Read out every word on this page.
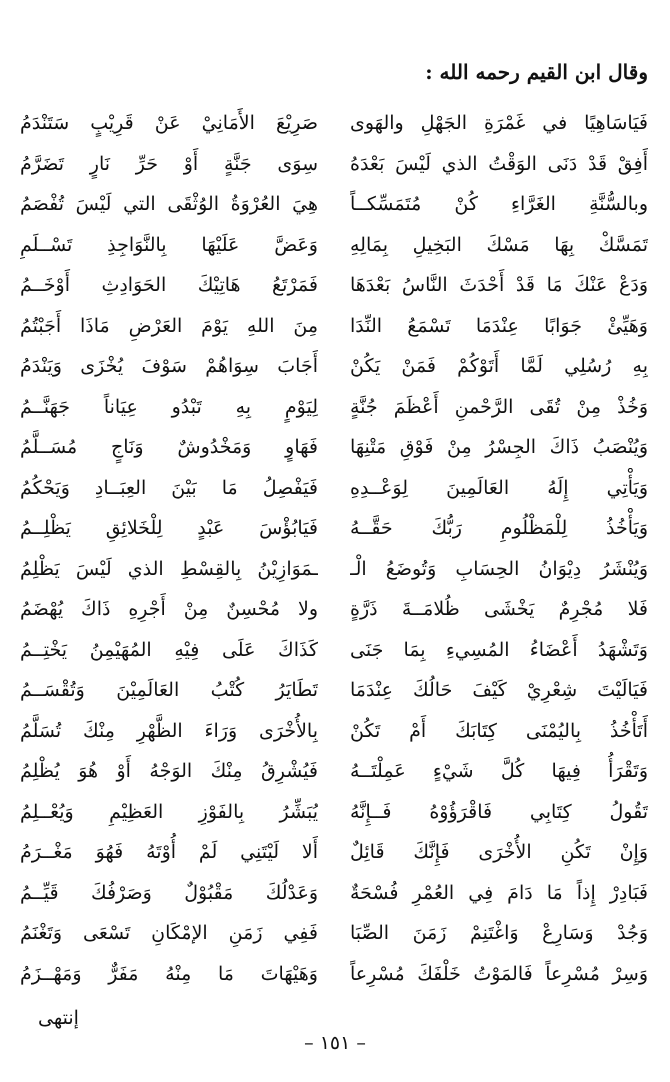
وقال ابن القيم رحمه الله :
فَيَاسَاهِيًا في غَمْرَةِ الجَهْلِ والهَوى
أَفِقْ قَدْ دَنَى الوَقْتُ الذي لَيْسَ بَعْدَهُ
وبالسُّنَّةِ الغَرَّاءِ كُنْ مُتَمَسِّكــاً
تَمَسَّكْ بِهَا مَسْكَ البَخِيلِ بِمَالِهِ
وَدَعْ عَنْكَ مَا قَدْ أَحْدَثَ النَّاسُ بَعْدَهَا
وَهَيِّئْ جَوَابًا عِنْدَمَا تَسْمَعُ النِّدَا
بِهِ رُسُلِي لَمَّا أَتَوْكُمْ فَمَنْ يَكُنْ
وَخُذْ مِنْ تُقَى الرَّحْمنِ أَعْظَمَ جُنَّةٍ
وَيُنْصَبُ ذَاكَ الجِسْرُ مِنْ فَوْقِ مَتْنِهَا
وَيَأْتِي إِلَهُ العَالَمِينَ لِوَعْــدِهِ
وَيَأْخُذُ لِلْمَظْلُومِ رَبُّكَ حَقَّــهُ
وَيُنْشَرُ دِيْوَانُ الحِسَابِ وَتُوضَعُ الْـ
فَلا مُجْرِمٌ يَخْشَى ظُلامَــةَ ذَرَّةٍ
وَتَشْهَدُ أَعْضَاءُ المُسِيءِ بِمَا جَنَى
فَيَالَيْتَ شِعْرِيْ كَيْفَ حَالُكَ عِنْدَمَا
أَتَأْخُذُ بِاليُمْنَى كِتَابَكَ أَمْ تَكُنْ
وَتَقْرَأُ فِيهَا كُلَّ شَيْءٍ عَمِلْتَــهُ
تَقُولُ كِتَابِي فَاقْرَؤُوْهُ فَــإِنَّهُ
وَإِنْ تَكُنِ الأُخْرَى فَإِنَّكَ قَائِلٌ
فَبَادِرْ إِذاً مَا دَامَ فِي العُمْرِ فُسْحَةٌ
وَجُدْ وَسَارِعْ وَاغْتَنِمْ زَمَنَ الصِّبَا
وَسِرْ مُسْرِعاً فَالمَوْتُ خَلْفَكَ مُسْرِعاً
صَرِيْعَ الأَمَانِيْ عَنْ قَرِيْبٍ سَتَنْدَمُ
سِوَى جَنَّةٍ أَوْ حَرِّ نَارٍ تَضَرَّمُ
هِيَ العُرْوَةُ الوُثْقَى التي لَيْسَ تُفْصَمُ
وَعَضَّ عَلَيْهَا بِالنَّوَاجِذِ تَسْــلَمِ
فَمَرْتَعُ هَاتِيْكَ الحَوَادِثِ أَوْخَــمُ
مِنَ اللهِ يَوْمَ العَرْضِ مَاذَا أَجَبْتُمُ
أَجَابَ سِوَاهُمْ سَوْفَ يُخْزَى وَيَنْدَمُ
لِيَوْمٍ بِهِ تَبْدُو عِيَاناً جَهَنَّــمُ
فَهَاوٍ وَمَخْدُوشٌ وَنَاجٍ مُسَــلَّمُ
فَيَفْصِلُ مَا بَيْنَ العِبَــادِ وَيَحْكُمُ
فَيَابُؤْسَ عَبْدٍ لِلْخَلائِقِ يَظْلِــمُ
ـمَوَازِيْنُ بِالقِسْطِ الذي لَيْسَ يَظْلِمُ
ولا مُحْسِنٌ مِنْ أَجْرِهِ ذَاكَ يُهْضَمُ
كَذَاكَ عَلَى فِيْهِ المُهَيْمِنُ يَخْتِــمُ
تَطَايَرُ كُتْبُ العَالَمِيْنَ وَتُقْسَــمُ
بِالأُخْرَى وَرَاءَ الظَّهْرِ مِنْكَ تُسَلَّمُ
فَيُشْرِقُ مِنْكَ الوَجْهُ أَوْ هُوَ يُظْلِمُ
يُبَشِّرُ بِالفَوْزِ العَظِيْمِ وَيُعْــلِمُ
أَلا لَيْتَنِي لَمْ أُوْتَهُ فَهُوَ مَغْــرَمُ
وَعَدْلُكَ مَقْبُوْلٌ وَصَرْفُكَ قَيِّــمُ
فَفِي زَمَنِ الإمْكَانِ تَسْعَى وَتَغْنَمُ
وَهَيْهَاتَ مَا مِنْهُ مَفَرٌّ وَمَهْــزَمُ
إنتهى
– ١٥١ –
